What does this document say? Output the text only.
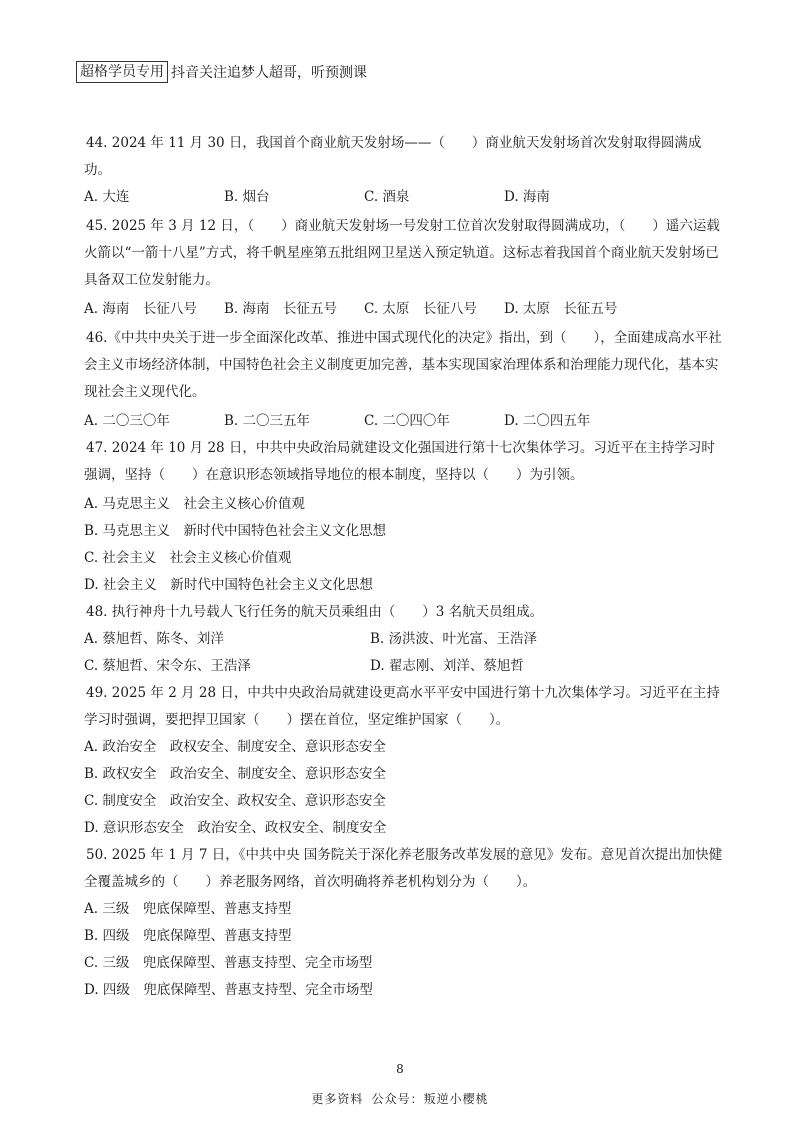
超格学员专用 抖音关注追梦人超哥，听预测课

44. 2024 年 11 月 30 日，我国首个商业航天发射场——（　　）商业航天发射场首次发射取得圆满成功。

A. 大连	B. 烟台	C. 酒泉	D. 海南

45. 2025 年 3 月 12 日，（　　）商业航天发射场一号发射工位首次发射取得圆满成功，（　　）遥六运载火箭以“一箭十八星”方式，将千帆星座第五批组网卫星送入预定轨道。这标志着我国首个商业航天发射场已具备双工位发射能力。

A. 海南　长征八号	B. 海南　长征五号	C. 太原　长征八号	D. 太原　长征五号

46.《中共中央关于进一步全面深化改革、推进中国式现代化的决定》指出，到（　　），全面建成高水平社会主义市场经济体制，中国特色社会主义制度更加完善，基本实现国家治理体系和治理能力现代化，基本实现社会主义现代化。

A. 二〇三〇年	B. 二〇三五年	C. 二〇四〇年	D. 二〇四五年

47. 2024 年 10 月 28 日，中共中央政治局就建设文化强国进行第十七次集体学习。习近平在主持学习时强调，坚持（　　）在意识形态领域指导地位的根本制度，坚持以（　　）为引领。

A. 马克思主义　社会主义核心价值观
B. 马克思主义　新时代中国特色社会主义文化思想
C. 社会主义　社会主义核心价值观
D. 社会主义　新时代中国特色社会主义文化思想

48. 执行神舟十九号载人飞行任务的航天员乘组由（　　）3 名航天员组成。

A. 蔡旭哲、陈冬、刘洋	B. 汤洪波、叶光富、王浩泽
C. 蔡旭哲、宋令东、王浩泽	D. 翟志刚、刘洋、蔡旭哲

49. 2025 年 2 月 28 日，中共中央政治局就建设更高水平平安中国进行第十九次集体学习。习近平在主持学习时强调，要把捍卫国家（　　）摆在首位，坚定维护国家（　　）。

A. 政治安全　政权安全、制度安全、意识形态安全
B. 政权安全　政治安全、制度安全、意识形态安全
C. 制度安全　政治安全、政权安全、意识形态安全
D. 意识形态安全　政治安全、政权安全、制度安全

50. 2025 年 1 月 7 日，《中共中央 国务院关于深化养老服务改革发展的意见》发布。意见首次提出加快健全覆盖城乡的（　　）养老服务网络，首次明确将养老机构划分为（　　）。

A. 三级　兜底保障型、普惠支持型
B. 四级　兜底保障型、普惠支持型
C. 三级　兜底保障型、普惠支持型、完全市场型
D. 四级　兜底保障型、普惠支持型、完全市场型
8
更多资料 公众号：叛逆小樱桃
